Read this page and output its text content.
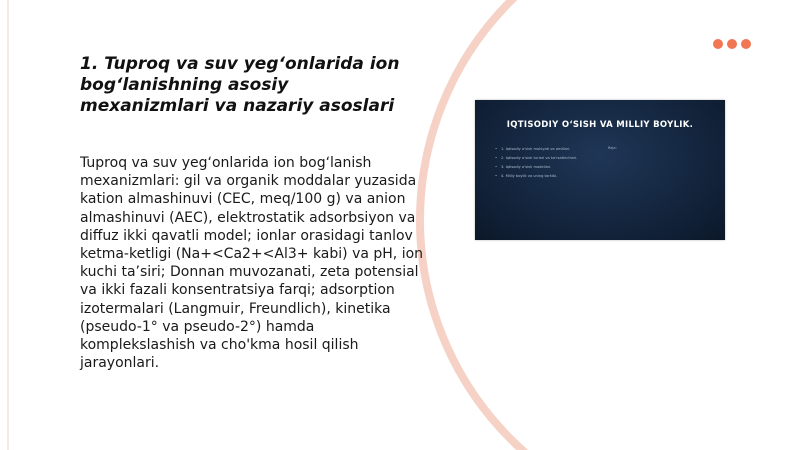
1. Tuproq va suv yeg‘onlarida ion bog‘lanishning asosiy mexanizmlari va nazariy asoslari

Tuproq va suv yeg‘onlarida ion bog‘lanish mexanizmlari: gil va organik moddalar yuzasida kation almashinuvi (CEC, meq/100 g) va anion almashinuvi (AEC), elektrostatik adsorbsiyon va diffuz ikki qavatli model; ionlar orasidagi tanlov ketma-ketligi (Na+<Ca2+<Al3+ kabi) va pH, ion kuchi ta’siri; Donnan muvozanati, zeta potensial va ikki fazali konsentratsiya farqi; adsorption izotermalari (Langmuir, Freundlich), kinetika (pseudo-1° va pseudo-2°) hamda komplekslashish va cho'kma hosil qilish jarayonlari.

IQTISODIY O‘SISH VA MILLIY BOYLIK.
Reja:
• 1. Iqtisodiy o‘sish mohiyati va omillari.
• 2. Iqtisodiy o‘sish turlari va ko‘rsatkichlari.
• 3. Iqtisodiy o‘sish modellari.
• 4. Milliy boylik va uning tarkibi.
